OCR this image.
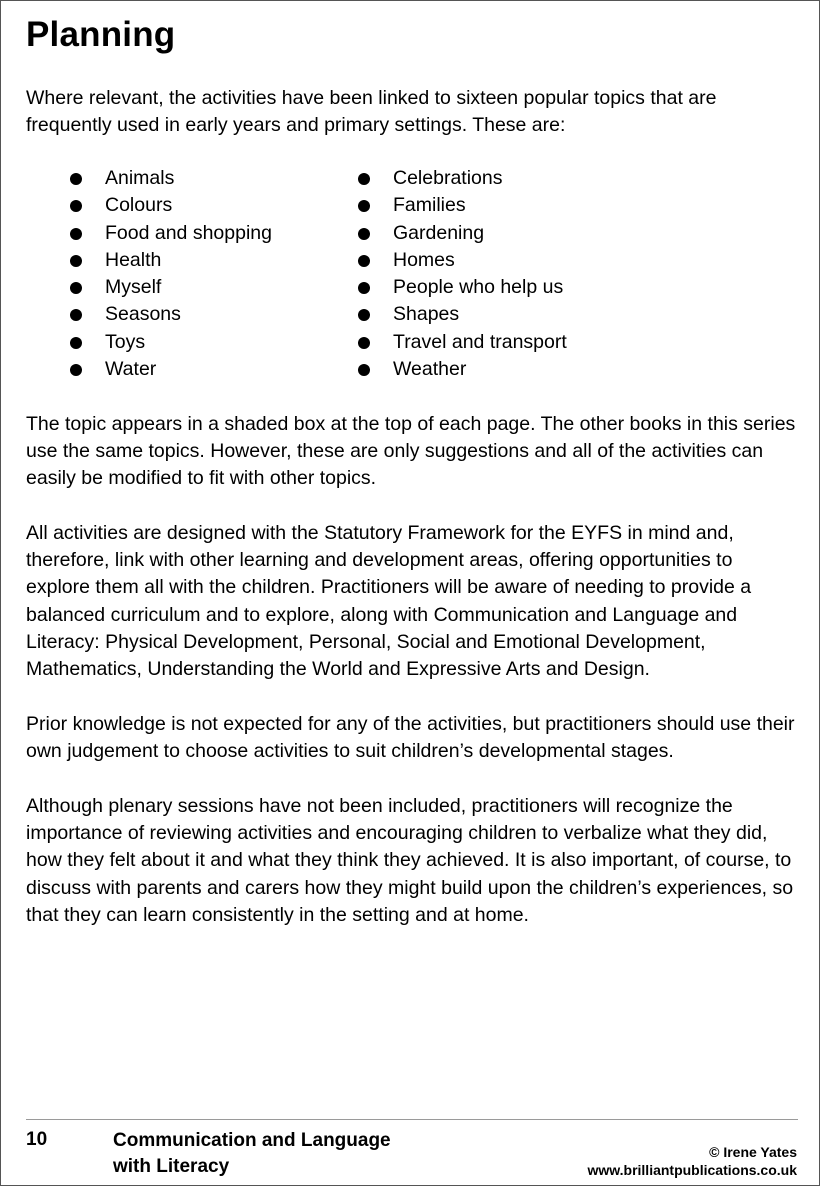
Planning

Where relevant, the activities have been linked to sixteen popular topics that are frequently used in early years and primary settings. These are:

Animals
Colours
Food and shopping
Health
Myself
Seasons
Toys
Water
Celebrations
Families
Gardening
Homes
People who help us
Shapes
Travel and transport
Weather

The topic appears in a shaded box at the top of each page. The other books in this series use the same topics. However, these are only suggestions and all of the activities can easily be modified to fit with other topics.

All activities are designed with the Statutory Framework for the EYFS in mind and, therefore, link with other learning and development areas, offering opportunities to explore them all with the children. Practitioners will be aware of needing to provide a balanced curriculum and to explore, along with Communication and Language and Literacy: Physical Development, Personal, Social and Emotional Development, Mathematics, Understanding the World and Expressive Arts and Design.

Prior knowledge is not expected for any of the activities, but practitioners should use their own judgement to choose activities to suit children’s developmental stages.

Although plenary sessions have not been included, practitioners will recognize the importance of reviewing activities and encouraging children to verbalize what they did, how they felt about it and what they think they achieved. It is also important, of course, to discuss with parents and carers how they might build upon the children’s experiences, so that they can learn consistently in the setting and at home.

10	Communication and Language
with Literacy
© Irene Yates
www.brilliantpublications.co.uk
